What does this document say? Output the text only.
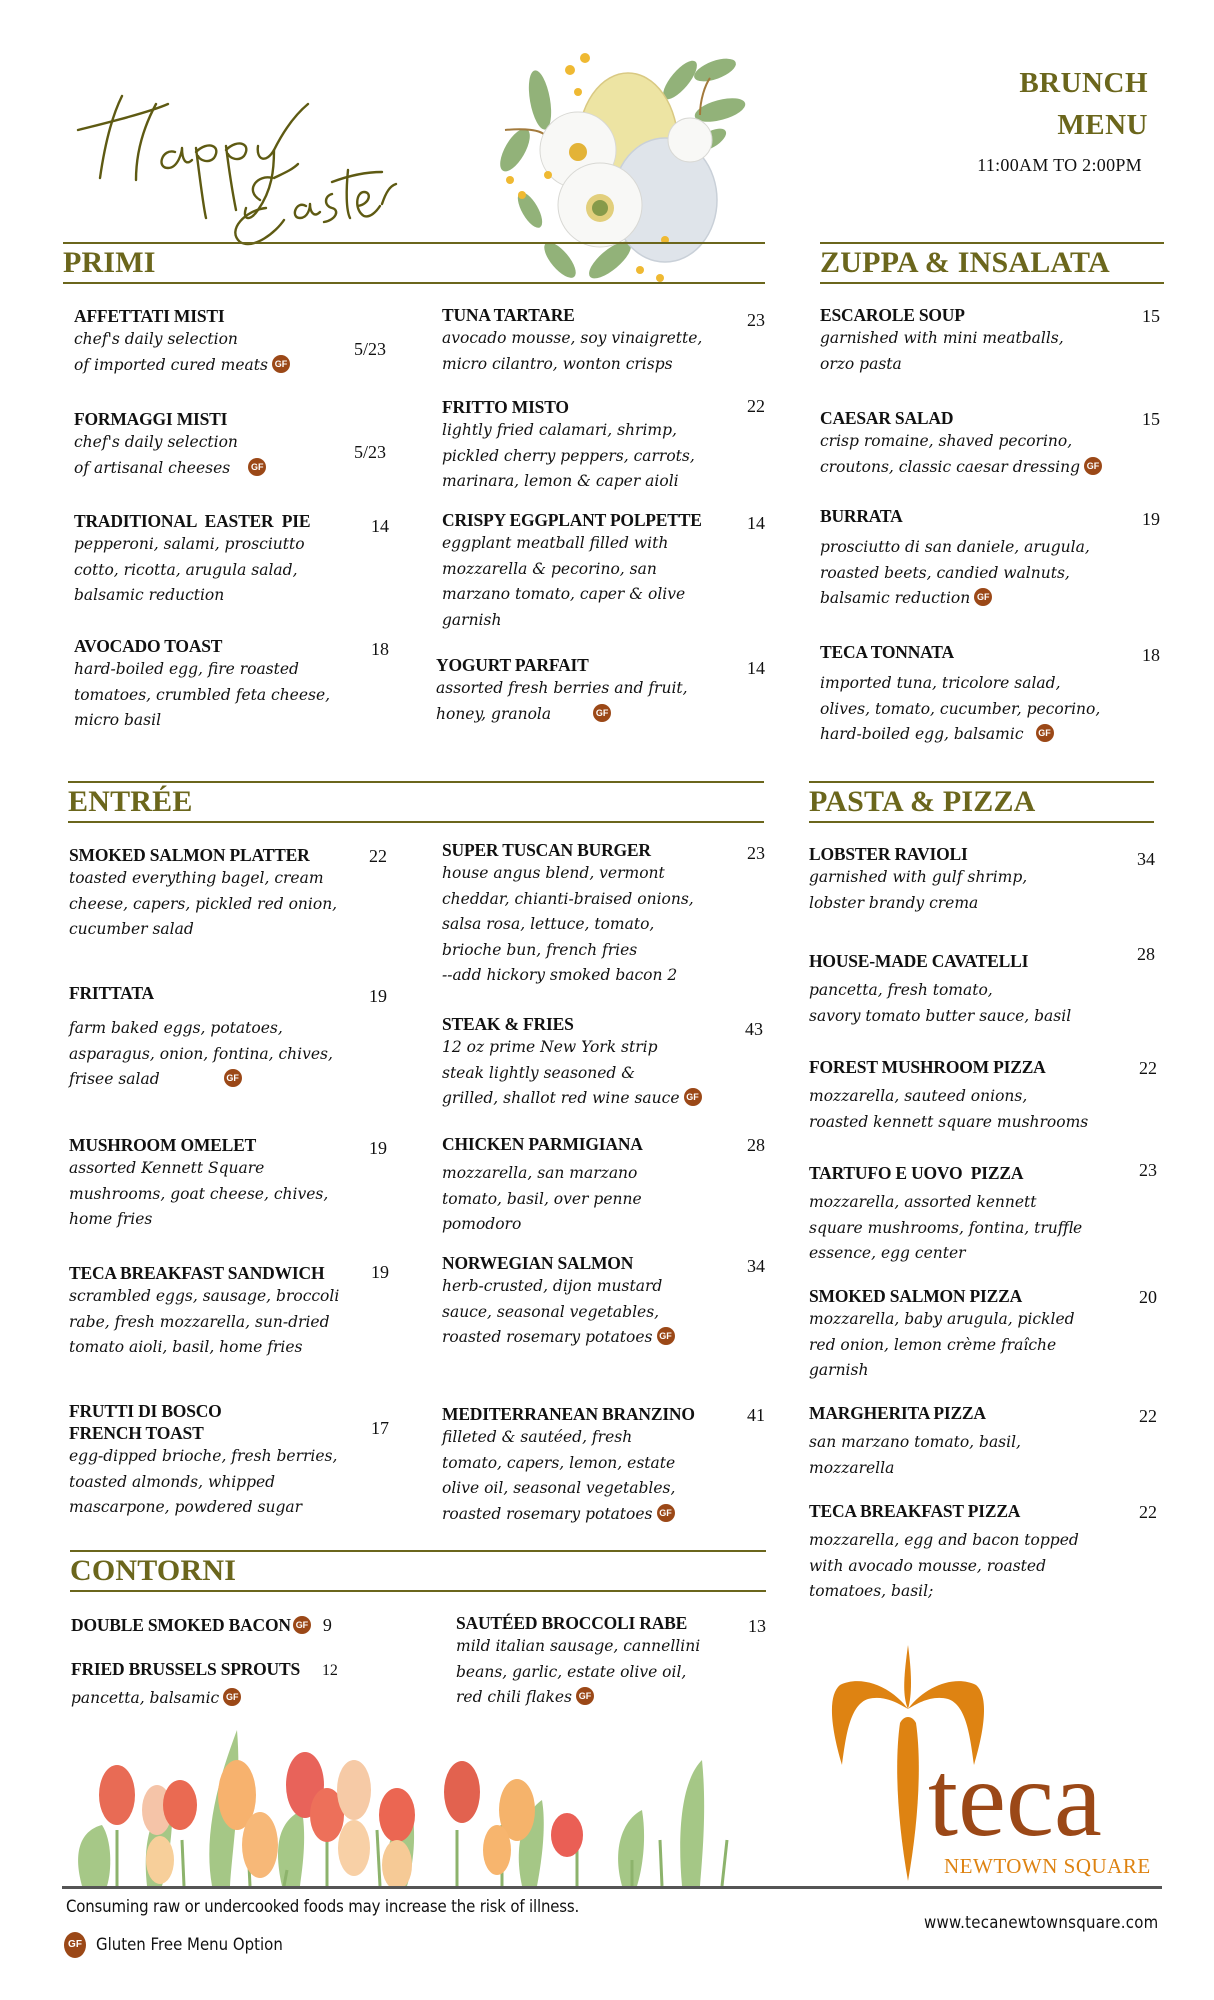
BRUNCH
MENU
11:00AM TO 2:00PM
PRIMI
AFFETTATI MISTI
chef's daily selection
of imported cured meats GF
5/23
FORMAGGI MISTI
chef's daily selection
of artisanal cheeses GF
5/23
TRADITIONAL  EASTER  PIE
pepperoni, salami, prosciutto
cotto, ricotta, arugula salad,
balsamic reduction
14
AVOCADO TOAST
hard-boiled egg, fire roasted
tomatoes, crumbled feta cheese,
micro basil
18
TUNA TARTARE
avocado mousse, soy vinaigrette,
micro cilantro, wonton crisps
23
FRITTO MISTO
lightly fried calamari, shrimp,
pickled cherry peppers, carrots,
marinara, lemon & caper aioli
22
CRISPY EGGPLANT POLPETTE
eggplant meatball filled with
mozzarella & pecorino, san
marzano tomato, caper & olive
garnish
14
YOGURT PARFAIT
assorted fresh berries and fruit,
honey, granola	GF
14
ZUPPA & INSALATA
ESCAROLE SOUP
garnished with mini meatballs,
orzo pasta
15
CAESAR SALAD
crisp romaine, shaved pecorino,
croutons, classic caesar dressing GF
15
BURRATA
prosciutto di san daniele, arugula,
roasted beets, candied walnuts,
balsamic reduction GF
19
TECA TONNATA
imported tuna, tricolore salad,
olives, tomato, cucumber, pecorino,
hard-boiled egg, balsamic GF
18
ENTRÉE
SMOKED SALMON PLATTER
toasted everything bagel, cream
cheese, capers, pickled red onion,
cucumber salad
22
FRITTATA
farm baked eggs, potatoes,
asparagus, onion, fontina, chives,
frisee salad	GF
19
MUSHROOM OMELET
assorted Kennett Square
mushrooms, goat cheese, chives,
home fries
19
TECA BREAKFAST SANDWICH
scrambled eggs, sausage, broccoli
rabe, fresh mozzarella, sun-dried
tomato aioli, basil, home fries
19
FRUTTI DI BOSCO
FRENCH TOAST
egg-dipped brioche, fresh berries,
toasted almonds, whipped
mascarpone, powdered sugar
17
SUPER TUSCAN BURGER
house angus blend, vermont
cheddar, chianti-braised onions,
salsa rosa, lettuce, tomato,
brioche bun, french fries
--add hickory smoked bacon 2
23
STEAK & FRIES
12 oz prime New York strip
steak lightly seasoned &
grilled, shallot red wine sauce GF
43
CHICKEN PARMIGIANA
mozzarella, san marzano
tomato, basil, over penne
pomodoro
28
NORWEGIAN SALMON
herb-crusted, dijon mustard
sauce, seasonal vegetables,
roasted rosemary potatoes GF
34
MEDITERRANEAN BRANZINO
filleted & sautéed, fresh
tomato, capers, lemon, estate
olive oil, seasonal vegetables,
roasted rosemary potatoes GF
41
PASTA & PIZZA
LOBSTER RAVIOLI
garnished with gulf shrimp,
lobster brandy crema
34
HOUSE-MADE CAVATELLI
pancetta, fresh tomato,
savory tomato butter sauce, basil
28
FOREST MUSHROOM PIZZA
mozzarella, sauteed onions,
roasted kennett square mushrooms
22
TARTUFO E UOVO  PIZZA
mozzarella, assorted kennett
square mushrooms, fontina, truffle
essence, egg center
23
SMOKED SALMON PIZZA
mozzarella, baby arugula, pickled
red onion, lemon crème fraîche
garnish
20
MARGHERITA PIZZA
san marzano tomato, basil,
mozzarella
22
TECA BREAKFAST PIZZA
mozzarella, egg and bacon topped
with avocado mousse, roasted
tomatoes, basil;
22
CONTORNI
DOUBLE SMOKED BACON GF 9
FRIED BRUSSELS SPROUTS 12
pancetta, balsamic GF
SAUTÉED BROCCOLI RABE
mild italian sausage, cannellini
beans, garlic, estate olive oil,
red chili flakes GF
13
teca
NEWTOWN SQUARE
Consuming raw or undercooked foods may increase the risk of illness.
www.tecanewtownsquare.com
GF Gluten Free Menu Option
